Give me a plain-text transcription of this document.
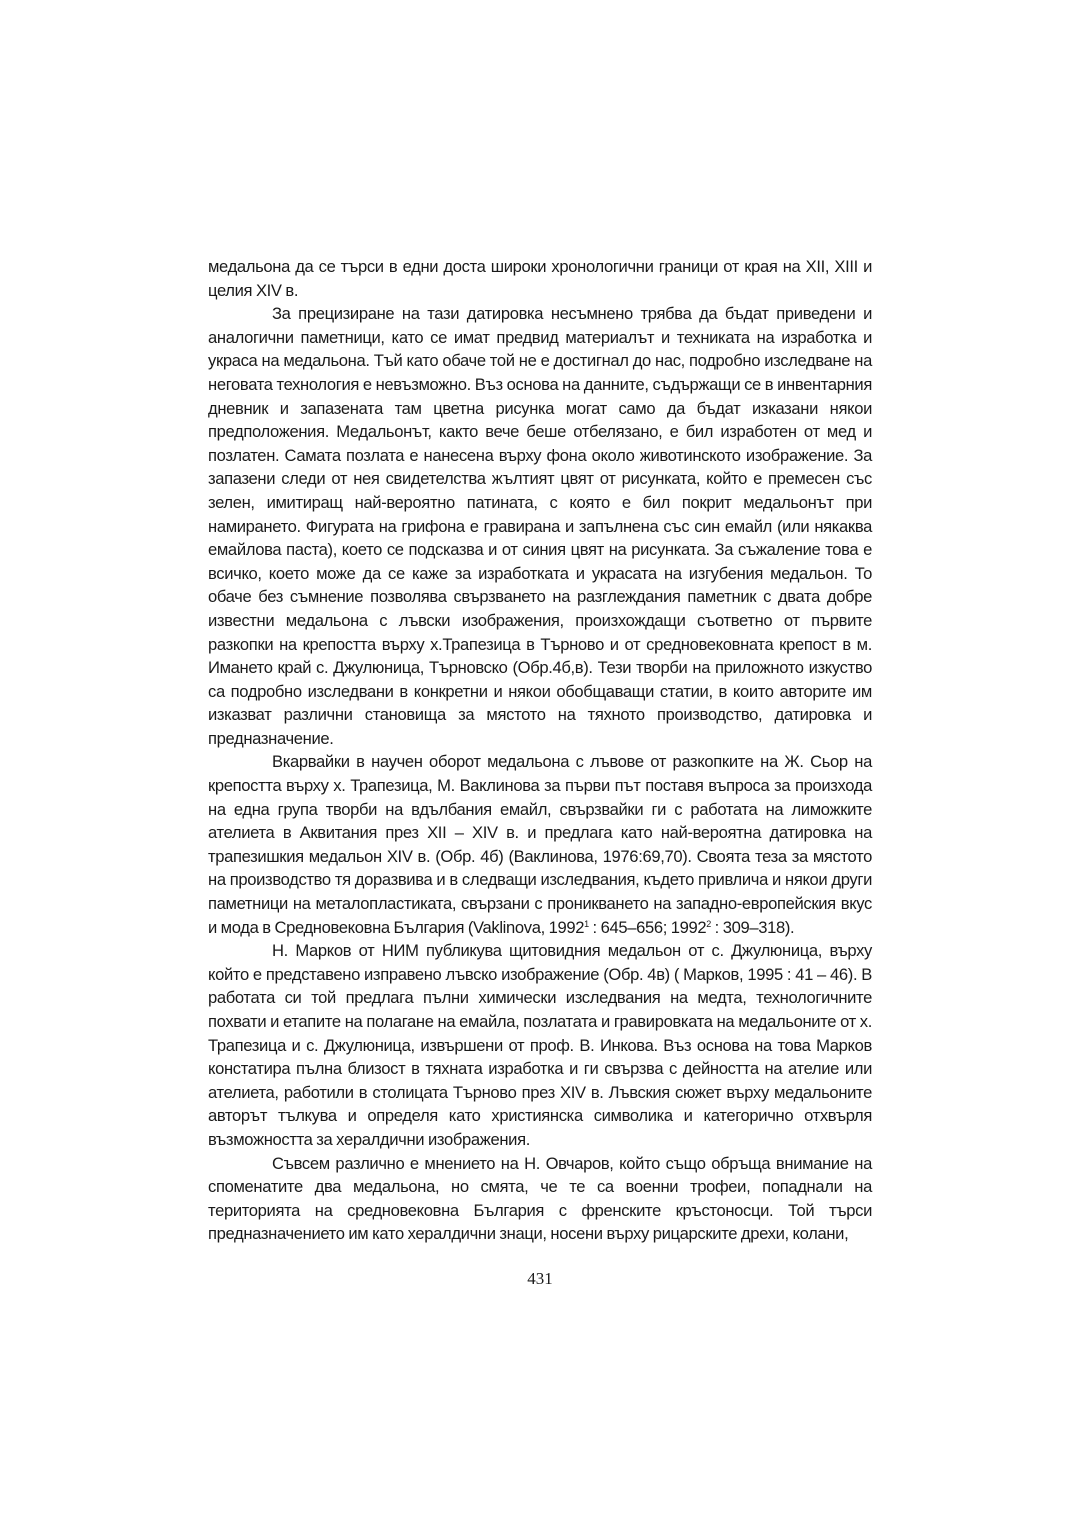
медальона да се търси в едни доста широки хронологични граници от края на XII, XIII и целия XIV в.

За прецизиране на тази датировка несъмнено трябва да бъдат приведени и аналогични паметници, като се имат предвид материалът и техниката на изработка и украса на медальона. Тъй като обаче той не е достигнал до нас, подробно изследване на неговата технология е невъзможно. Въз основа на данните, съдържащи се в инвентарния дневник и запазената там цветна рисунка могат само да бъдат изказани някои предположения. Медальонът, както вече беше отбелязано, е бил изработен от мед и позлатен. Самата позлата е нанесена върху фона около животинското изображение. За запазени следи от нея свидетелства жълтият цвят от рисунката, който е премесен със зелен, имитиращ най-вероятно патината, с която е бил покрит медальонът при намирането. Фигурата на грифона е гравирана и запълнена със син емайл (или някаква емайлова паста), което се подсказва и от синия цвят на рисунката. За съжаление това е всичко, което може да се каже за изработката и украсата на изгубения медальон. То обаче без съмнение позволява свързването на разглеждания паметник с двата добре известни медальона с лъвски изображения, произхождащи съответно от първите разкопки на крепостта върху х.Трапезица в Търново и от средновековната крепост в м. Имането край с. Джулюница, Търновско (Обр.4б,в). Тези творби на приложното изкуство са подробно изследвани в конкретни и някои обобщаващи статии, в които авторите им изказват различни становища за мястото на тяхното производство, датировка и предназначение.

Вкарвайки в научен оборот медальона с лъвове от разкопките на Ж. Сьор на крепостта върху х. Трапезица, М. Ваклинова за първи път поставя въпроса за произхода на една група творби на вдълбания емайл, свързвайки ги с работата на лиможките ателиета в Аквитания през XII – XIV в. и предлага като най-вероятна датировка на трапезишкия медальон XIV в. (Обр. 4б) (Ваклинова, 1976:69,70). Своята теза за мястото на производство тя доразвива и в следващи изследвания, където привлича и някои други паметници на металопластиката, свързани с проникването на западно-европейския вкус и мода в Средновековна България (Vaklinova, 1992$^1$ : 645–656; 1992$^2$ : 309–318).

Н. Марков от НИМ публикува щитовидния медальон от с. Джулюница, върху който е представено изправено лъвско изображение (Обр. 4в) ( Марков, 1995 : 41 – 46). В работата си той предлага пълни химически изследвания на медта, технологичните похвати и етапите на полагане на емайла, позлатата и гравировката на медальоните от х. Трапезица и с. Джулюница, извършени от проф. В. Инкова. Въз основа на това Марков констатира пълна близост в тяхната изработка и ги свързва с дейността на ателие или ателиета, работили в столицата Търново през XIV в. Лъвския сюжет върху медальоните авторът тълкува и определя като християнска символика и категорично отхвърля възможността за хералдични изображения.

Съвсем различно е мнението на Н. Овчаров, който също обръща внимание на споменатите два медальона, но смята, че те са военни трофеи, попаднали на територията на средновековна България с френските кръстоносци. Той търси предназначението им като хералдични знаци, носени върху рицарските дрехи, колани,

431
